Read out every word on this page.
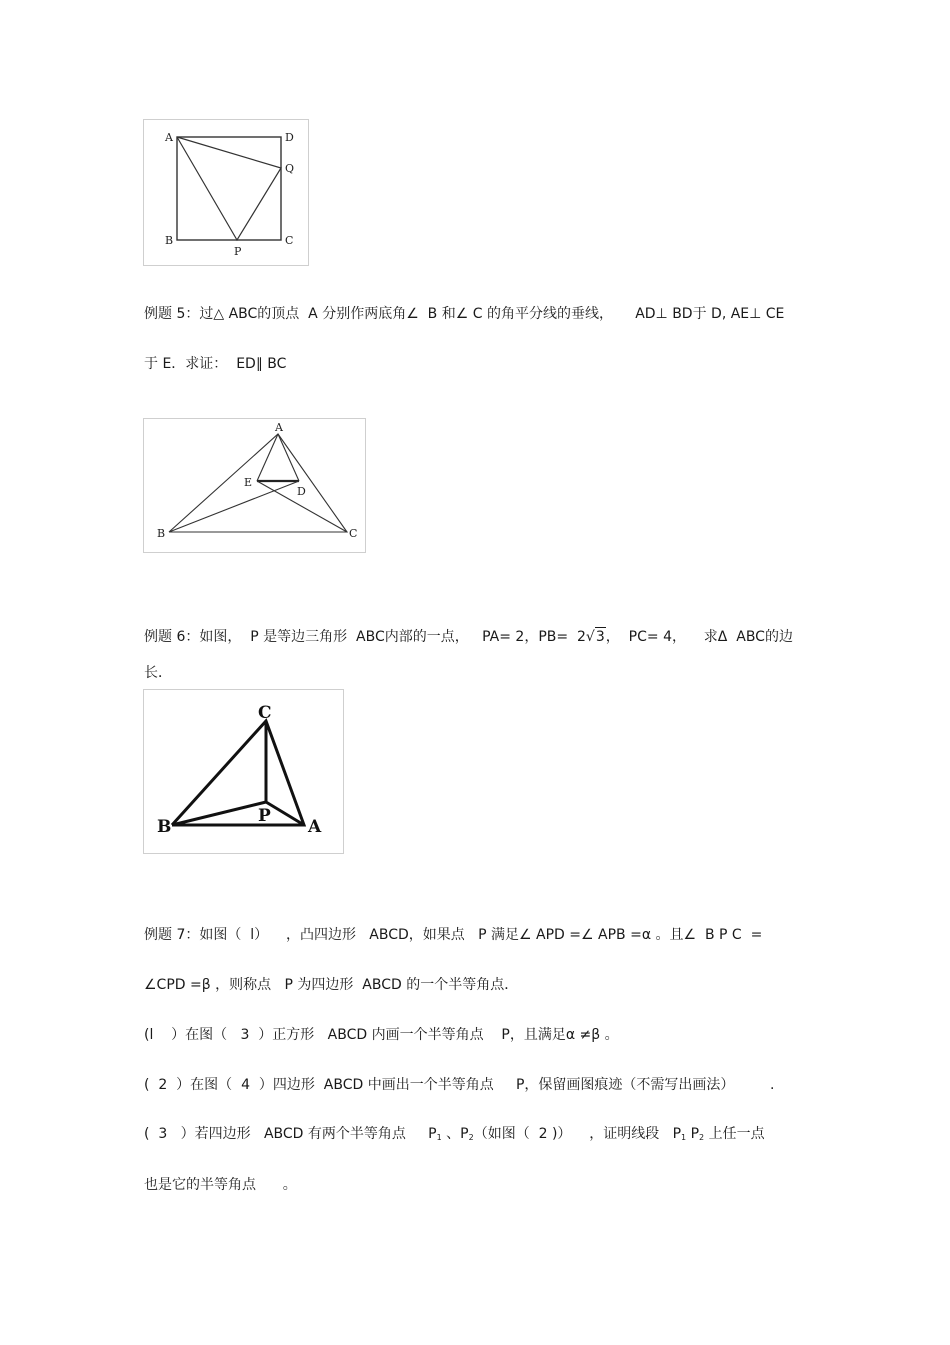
A	D
Q
B
P
C
例题 5：过△ ABC的顶点  A 分别作两底角∠  B 和∠ C 的角平分线的垂线，     AD⊥ BD于 D, AE⊥ CE
于 E．求证：  ED∥ BC
A
E
D
B	C
例题 6：如图，  P 是等边三角形  ABC内部的一点，   PA= 2，PB=  2√3，  PC= 4，    求Δ  ABC的边
长．
C
P
B	A
例题 7：如图（  l）    ，凸四边形   ABCD，如果点   P 满足∠ APD =∠ APB =α 。且∠  B P C  =
∠CPD =β ，则称点   P 为四边形  ABCD 的一个半等角点．
(l    ）在图（   3  ）正方形   ABCD 内画一个半等角点    P，且满足α ≠β 。
(  2  ）在图（  4  ）四边形  ABCD 中画出一个半等角点     P，保留画图痕迹（不需写出画法）        .
(  3   ）若四边形   ABCD 有两个半等角点     $P_1$ 、$P_2$（如图（  2 )）    ，证明线段   $P_1$ $P_2$ 上任一点
也是它的半等角点      。
